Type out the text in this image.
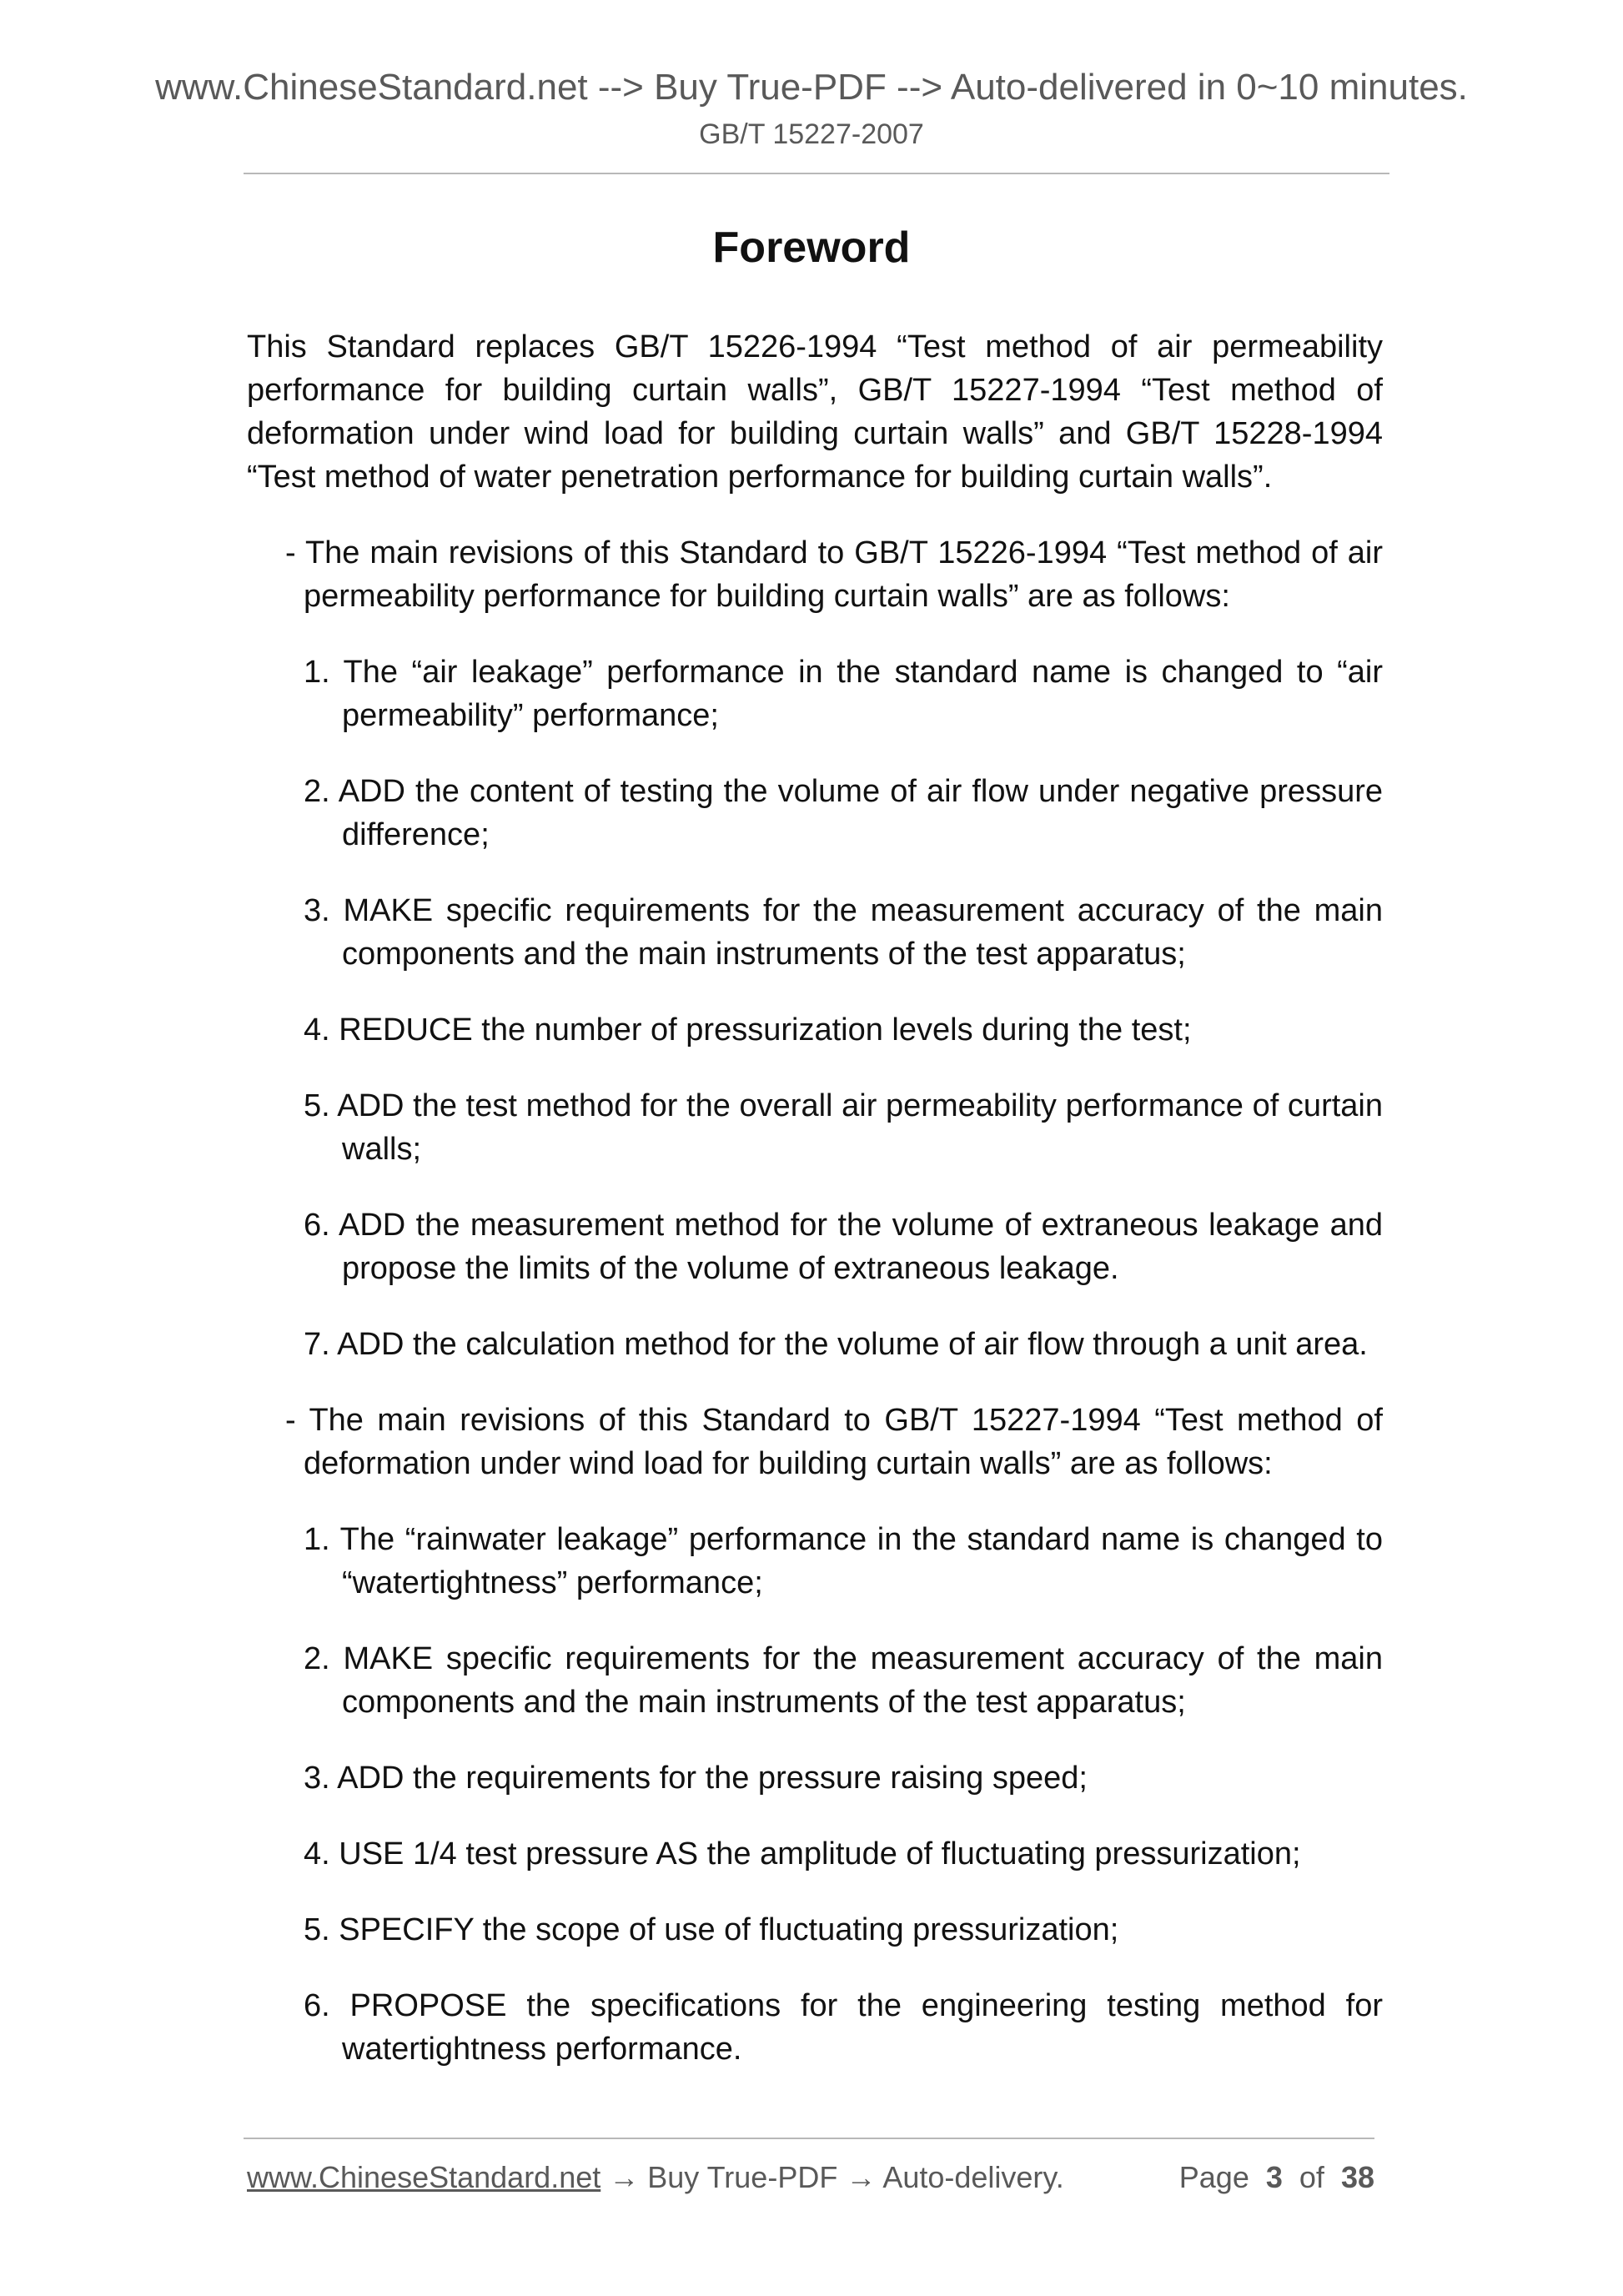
www.ChineseStandard.net --> Buy True-PDF --> Auto-delivered in 0~10 minutes.
GB/T 15227-2007
Foreword

This Standard replaces GB/T 15226-1994 “Test method of air permeability performance for building curtain walls”, GB/T 15227-1994 “Test method of deformation under wind load for building curtain walls” and GB/T 15228-1994 “Test method of water penetration performance for building curtain walls”.

- The main revisions of this Standard to GB/T 15226-1994 “Test method of air permeability performance for building curtain walls” are as follows:

1. The “air leakage” performance in the standard name is changed to “air permeability” performance;

2. ADD the content of testing the volume of air flow under negative pressure difference;

3. MAKE specific requirements for the measurement accuracy of the main components and the main instruments of the test apparatus;

4. REDUCE the number of pressurization levels during the test;

5. ADD the test method for the overall air permeability performance of curtain walls;

6. ADD the measurement method for the volume of extraneous leakage and propose the limits of the volume of extraneous leakage.

7. ADD the calculation method for the volume of air flow through a unit area.

- The main revisions of this Standard to GB/T 15227-1994 “Test method of deformation under wind load for building curtain walls” are as follows:

1. The “rainwater leakage” performance in the standard name is changed to “watertightness” performance;

2. MAKE specific requirements for the measurement accuracy of the main components and the main instruments of the test apparatus;

3. ADD the requirements for the pressure raising speed;

4. USE 1/4 test pressure AS the amplitude of fluctuating pressurization;

5. SPECIFY the scope of use of fluctuating pressurization;

6. PROPOSE the specifications for the engineering testing method for watertightness performance.

www.ChineseStandard.net → Buy True-PDF → Auto-delivery.	Page 3 of 38
